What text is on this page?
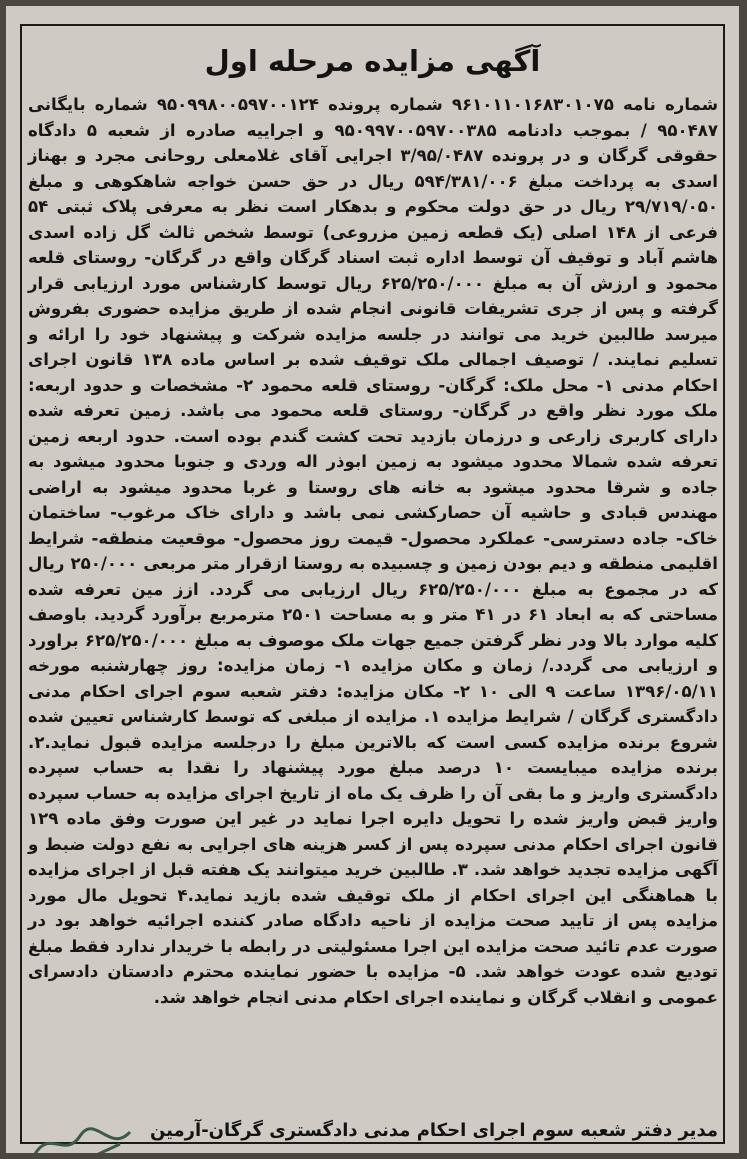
آگهی مزایده مرحله اول
شماره نامه ۹۶۱۰۱۱۰۱۶۸۳۰۱۰۷۵ شماره پرونده ۹۵۰۹۹۸۰۰۵۹۷۰۰۱۲۴ شماره بایگانی ۹۵۰۴۸۷ / بموجب دادنامه ۹۵۰۹۹۷۰۰۵۹۷۰۰۳۸۵ و اجراییه صادره از شعبه ۵ دادگاه حقوقی گرگان و در پرونده ۳/۹۵/۰۴۸۷ اجرایی آقای غلامعلی روحانی مجرد و بهناز اسدی به پرداخت مبلغ ۵۹۴/۳۸۱/۰۰۶ ریال در حق حسن خواجه شاهکوهی و مبلغ ۲۹/۷۱۹/۰۵۰ ریال در حق دولت محکوم و بدهکار است نظر به معرفی پلاک ثبتی ۵۴ فرعی از ۱۴۸ اصلی (یک قطعه زمین مزروعی) توسط شخص ثالث گل زاده اسدی هاشم آباد و توقیف آن توسط اداره ثبت اسناد گرگان واقع در گرگان- روستای قلعه محمود و ارزش آن به مبلغ ۶۲۵/۲۵۰/۰۰۰ ریال توسط کارشناس مورد ارزیابی قرار گرفته و پس از جری تشریفات قانونی انجام شده از طریق مزایده حضوری بفروش میرسد طالبین خرید می توانند در جلسه مزایده شرکت و پیشنهاد خود را ارائه و تسلیم نمایند. / توصیف اجمالی ملک توقیف شده بر اساس ماده ۱۳۸ قانون اجرای احکام مدنی ۱- محل ملک: گرگان- روستای قلعه محمود ۲- مشخصات و حدود اربعه: ملک مورد نظر واقع در گرگان- روستای قلعه محمود می باشد. زمین تعرفه شده دارای کاربری زارعی و درزمان بازدید تحت کشت گندم بوده است. حدود اربعه زمین تعرفه شده شمالا محدود میشود به زمین ابوذر اله وردی و جنوبا محدود میشود به جاده و شرقا محدود میشود به خانه های روستا و غربا محدود میشود به اراضی مهندس قبادی و حاشیه آن حصارکشی نمی باشد و دارای خاک مرغوب- ساختمان خاک- جاده دسترسی- عملکرد محصول- قیمت روز محصول- موقعیت منطقه- شرایط اقلیمی منطقه و دیم بودن زمین و چسبیده به روستا ازقرار متر مربعی ۲۵۰/۰۰۰ ریال که در مجموع به مبلغ ۶۲۵/۲۵۰/۰۰۰ ریال ارزیابی می گردد. ازز مین تعرفه شده مساحتی که به ابعاد ۶۱ در ۴۱ متر و به مساحت ۲۵۰۱ مترمربع برآورد گردید. باوصف کلیه موارد بالا ودر نظر گرفتن جمیع جهات ملک موصوف به مبلغ ۶۲۵/۲۵۰/۰۰۰ براورد و ارزیابی می گردد./ زمان و مکان مزایده ۱- زمان مزایده: روز چهارشنبه مورخه ۱۳۹۶/۰۵/۱۱ ساعت ۹ الی ۱۰ ۲- مکان مزایده: دفتر شعبه سوم اجرای احکام مدنی دادگستری گرگان / شرایط مزایده ۱. مزایده از مبلغی که توسط کارشناس تعیین شده شروع برنده مزایده کسی است که بالاترین مبلغ را درجلسه مزایده قبول نماید.۲. برنده مزایده میبایست ۱۰ درصد مبلغ مورد پیشنهاد را نقدا به حساب سپرده دادگستری واریز و ما بقی آن را ظرف یک ماه از تاریخ اجرای مزایده به حساب سپرده واریز قبض واریز شده را تحویل دایره اجرا نماید در غیر این صورت وفق ماده ۱۲۹ قانون اجرای احکام مدنی سپرده پس از کسر هزینه های اجرایی به نفع دولت ضبط و آگهی مزایده تجدید خواهد شد. ۳. طالبین خرید میتوانند یک هفته قبل از اجرای مزایده با هماهنگی این اجرای احکام از ملک توقیف شده بازید نماید.۴ تحویل مال مورد مزایده پس از تایید صحت مزایده از ناحیه دادگاه صادر کننده اجرائیه خواهد بود در صورت عدم تائید صحت مزایده این اجرا مسئولیتی در رابطه با خریدار ندارد فقط مبلغ تودیع شده عودت خواهد شد. ۵- مزایده با حضور نماینده محترم دادستان دادسرای عمومی و انقلاب گرگان و نماینده اجرای احکام مدنی انجام خواهد شد.
مدیر دفتر شعبه سوم اجرای احکام مدنی دادگستری گرگان-آرمین
